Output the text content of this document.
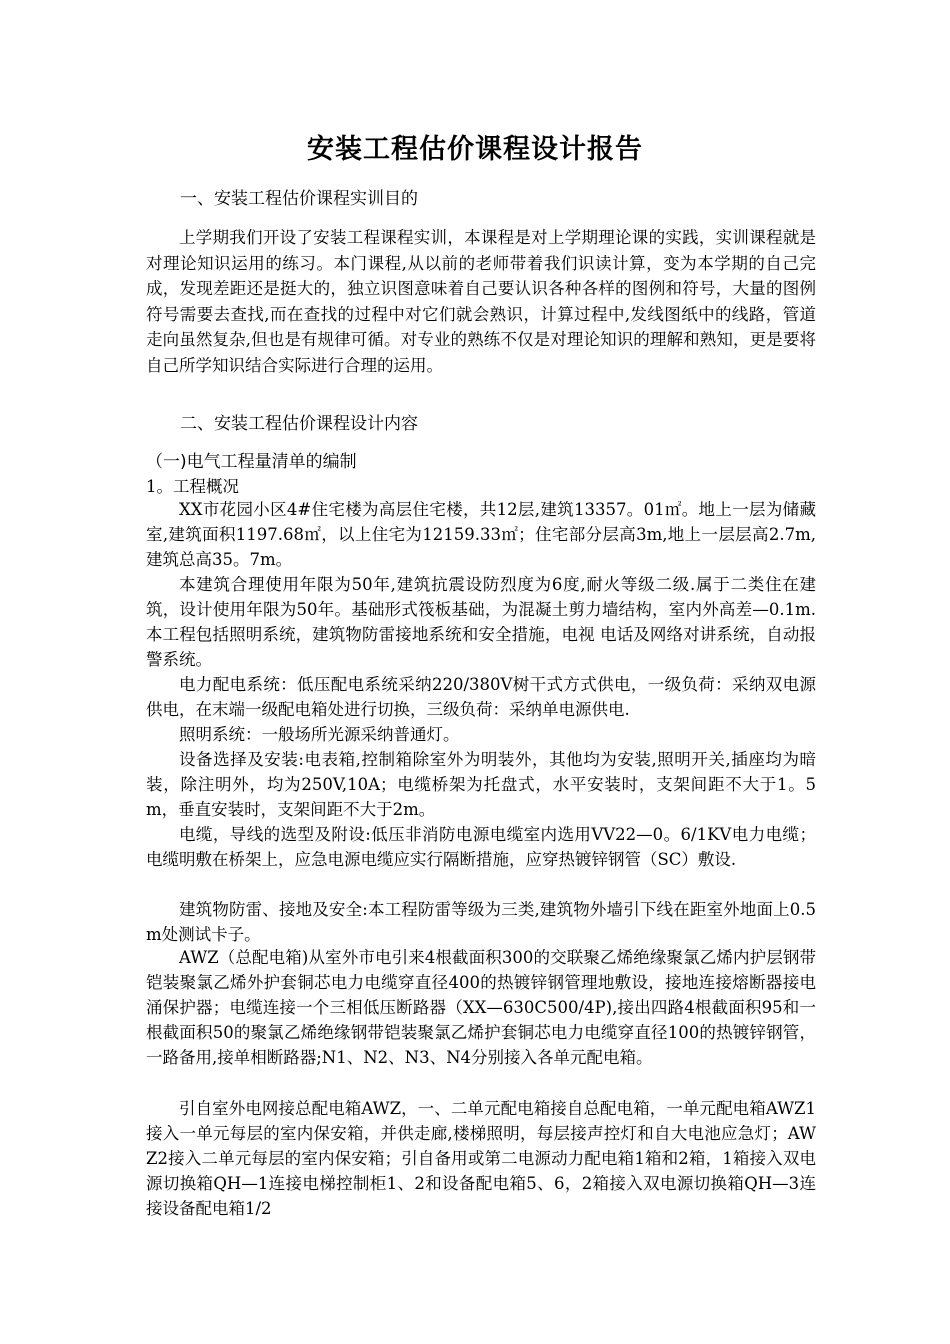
安装工程估价课程设计报告
一、安装工程估价课程实训目的
上学期我们开设了安装工程课程实训，本课程是对上学期理论课的实践，实训课程就是对理论知识运用的练习。本门课程,从以前的老师带着我们识读计算，变为本学期的自己完成，发现差距还是挺大的，独立识图意味着自己要认识各种各样的图例和符号，大量的图例符号需要去查找,而在查找的过程中对它们就会熟识，计算过程中,发线图纸中的线路，管道走向虽然复杂,但也是有规律可循。对专业的熟练不仅是对理论知识的理解和熟知，更是要将自己所学知识结合实际进行合理的运用。
二、安装工程估价课程设计内容
（一)电气工程量清单的编制
1。工程概况
XX市花园小区4#住宅楼为高层住宅楼，共12层,建筑13357。01㎡。地上一层为储藏室,建筑面积1197.68㎡，以上住宅为12159.33㎡；住宅部分层高3m,地上一层层高2.7m,建筑总高35。7m。
本建筑合理使用年限为50年,建筑抗震设防烈度为6度,耐火等级二级.属于二类住在建筑，设计使用年限为50年。基础形式筏板基础，为混凝土剪力墙结构，室内外高差—0.1m.本工程包括照明系统，建筑物防雷接地系统和安全措施，电视 电话及网络对讲系统，自动报警系统。
电力配电系统：低压配电系统采纳220/380V树干式方式供电，一级负荷：采纳双电源供电，在末端一级配电箱处进行切换，三级负荷：采纳单电源供电.
照明系统：一般场所光源采纳普通灯。
设备选择及安装:电表箱,控制箱除室外为明装外，其他均为安装,照明开关,插座均为暗装，除注明外，均为250V,10A；电缆桥架为托盘式，水平安装时，支架间距不大于1。5m，垂直安装时，支架间距不大于2m。
电缆，导线的选型及附设:低压非消防电源电缆室内选用VV22—0。6/1KV电力电缆；电缆明敷在桥架上，应急电源电缆应实行隔断措施，应穿热镀锌钢管（SC）敷设.
建筑物防雷、接地及安全:本工程防雷等级为三类,建筑物外墙引下线在距室外地面上0.5m处测试卡子。
AWZ（总配电箱)从室外市电引来4根截面积300的交联聚乙烯绝缘聚氯乙烯内护层钢带铠装聚氯乙烯外护套铜芯电力电缆穿直径400的热镀锌钢管理地敷设，接地连接熔断器接电涌保护器；电缆连接一个三相低压断路器（XX—630C500/4P),接出四路4根截面积95和一根截面积50的聚氯乙烯绝缘钢带铠装聚氯乙烯护套铜芯电力电缆穿直径100的热镀锌钢管，一路备用,接单相断路器;N1、N2、N3、N4分别接入各单元配电箱。
引自室外电网接总配电箱AWZ，一、二单元配电箱接自总配电箱，一单元配电箱AWZ1接入一单元每层的室内保安箱，并供走廊,楼梯照明，每层接声控灯和自大电池应急灯；AWZ2接入二单元每层的室内保安箱；引自备用或第二电源动力配电箱1箱和2箱，1箱接入双电源切换箱QH—1连接电梯控制柜1、2和设备配电箱5、6，2箱接入双电源切换箱QH—3连接设备配电箱1/2
